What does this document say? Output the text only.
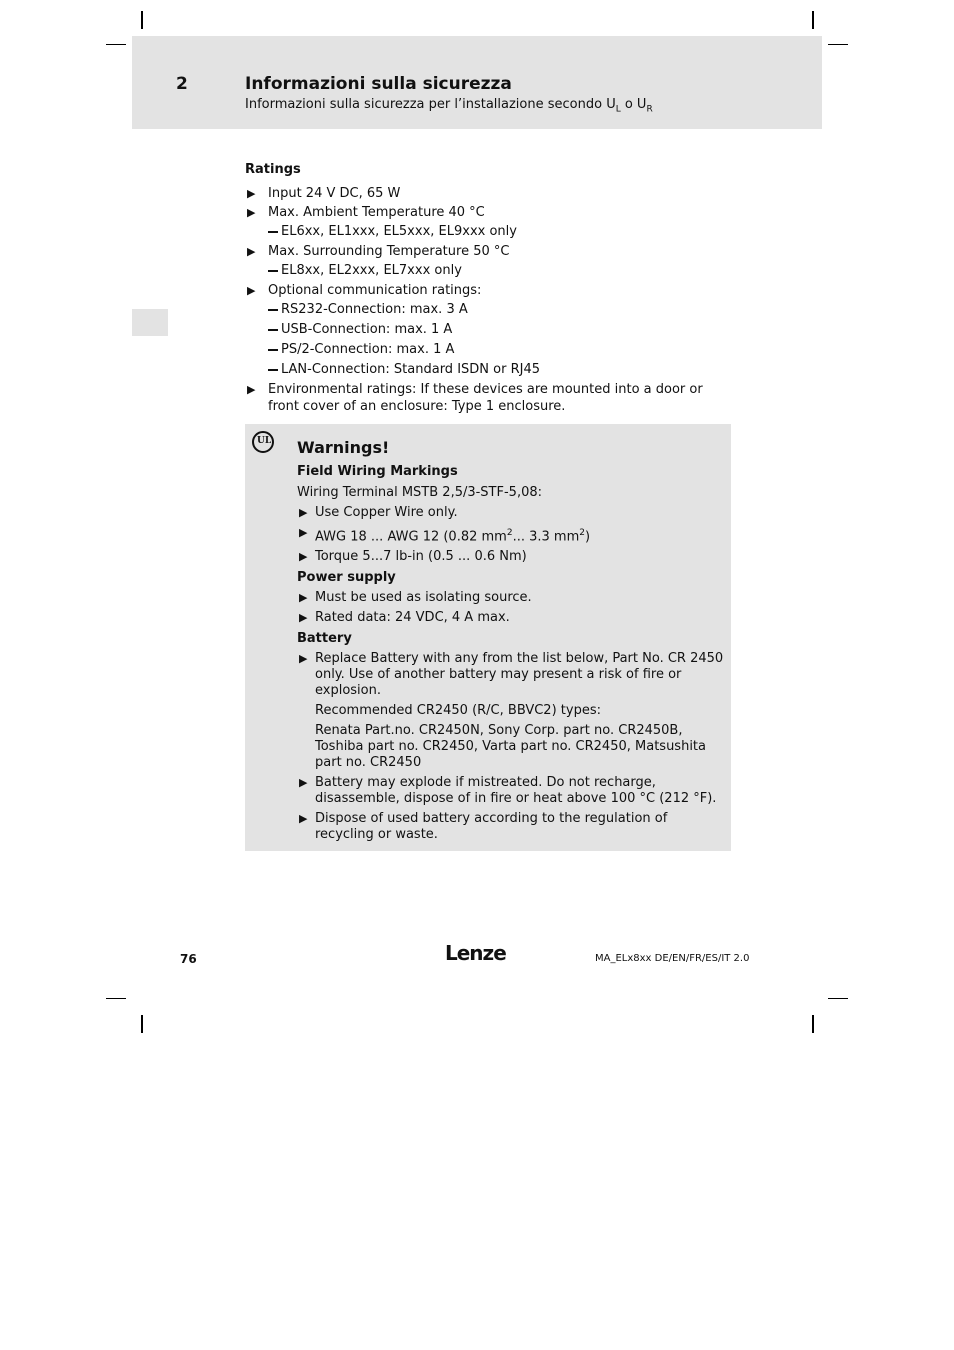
2	Informazioni sulla sicurezza
Informazioni sulla sicurezza per l’installazione secondo $U_L$ o $U_R$
Ratings
▶ Input 24 V DC, 65 W
▶ Max. Ambient Temperature 40 °C
EL6xx, EL1xxx, EL5xxx, EL9xxx only
▶ Max. Surrounding Temperature 50 °C
EL8xx, EL2xxx, EL7xxx only
▶ Optional communication ratings:
RS232-Connection: max. 3 A
USB-Connection: max. 1 A
PS/2-Connection: max. 1 A
LAN-Connection: Standard ISDN or RJ45
▶ Environmental ratings: If these devices are mounted into a door or front cover of an enclosure: Type 1 enclosure.
UL Warnings!
Field Wiring Markings
Wiring Terminal MSTB 2,5/3-STF-5,08:
▶ Use Copper Wire only.
▶ AWG 18 ... AWG 12 (0.82 $mm^2$... 3.3 $mm^2$)
▶ Torque 5...7 lb-in (0.5 ... 0.6 Nm)
Power supply
▶ Must be used as isolating source.
▶ Rated data: 24 VDC, 4 A max.
Battery
▶ Replace Battery with any from the list below, Part No. CR 2450 only. Use of another battery may present a risk of fire or explosion.
Recommended CR2450 (R/C, BBVC2) types:
Renata Part.no. CR2450N, Sony Corp. part no. CR2450B, Toshiba part no. CR2450, Varta part no. CR2450, Matsushita part no. CR2450
▶ Battery may explode if mistreated. Do not recharge, disassemble, dispose of in fire or heat above 100 °C (212 °F).
▶ Dispose of used battery according to the regulation of recycling or waste.
76	Lenze	MA_ELx8xx DE/EN/FR/ES/IT 2.0
